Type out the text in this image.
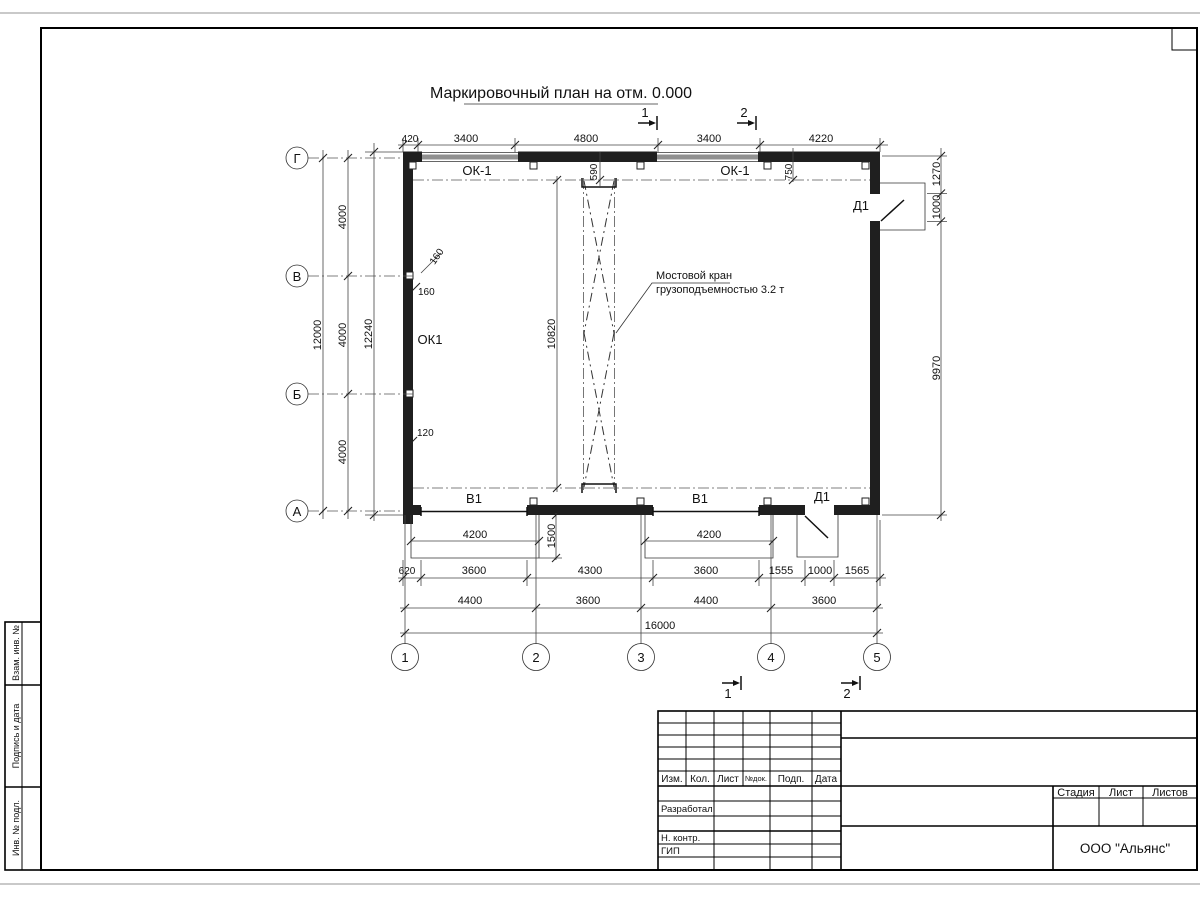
Взам. инв. №
Подпись и дата
Инв. № подл.
Изм. Кол. Лист №док. Подп. Дата
Разработал
Н. контр.
ГИП
Стадия Лист Листов
ООО "Альянс"
Маркировочный план на отм. 0.000
Г
В
Б
А
1	2	3	4	5
420	3400	4800	3400	4220
4000
4000
4000
12000	12240
1270
1000
9970
10820
590	750
160
160
120
4200	4200
1500
620	3600	4300	3600	1555 1000 1565
4400	3600	4400	3600
16000
ОК-1	ОК-1
ОК1
В1	В1
Д1
Д1
Мостовой кран
грузоподъемностью 3.2 т
1	2
1	2
